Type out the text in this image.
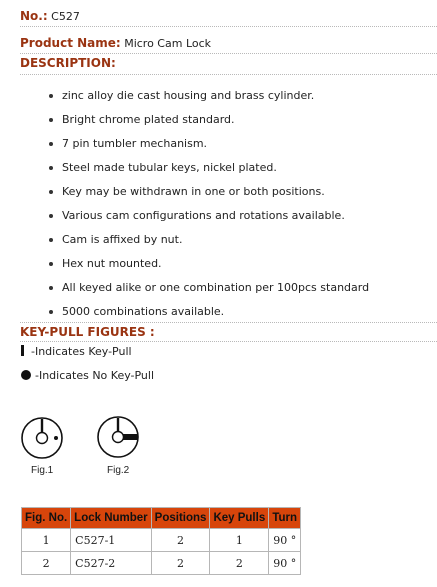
No.: C527
Product Name: Micro Cam Lock
DESCRIPTION:
zinc alloy die cast housing and brass cylinder.
Bright chrome plated standard.
7 pin tumbler mechanism.
Steel made tubular keys, nickel plated.
Key may be withdrawn in one or both positions.
Various cam configurations and rotations available.
Cam is affixed by nut.
Hex nut mounted.
All keyed alike or one combination per 100pcs standard
5000 combinations available.
KEY-PULL FIGURES :
-Indicates Key-Pull
-Indicates No Key-Pull
Fig.1	Fig.2
Fig. No.	Lock Number	Positions	Key Pulls	Turn
1	C527-1	2	1	90 °
2	C527-2	2	2	90 °
